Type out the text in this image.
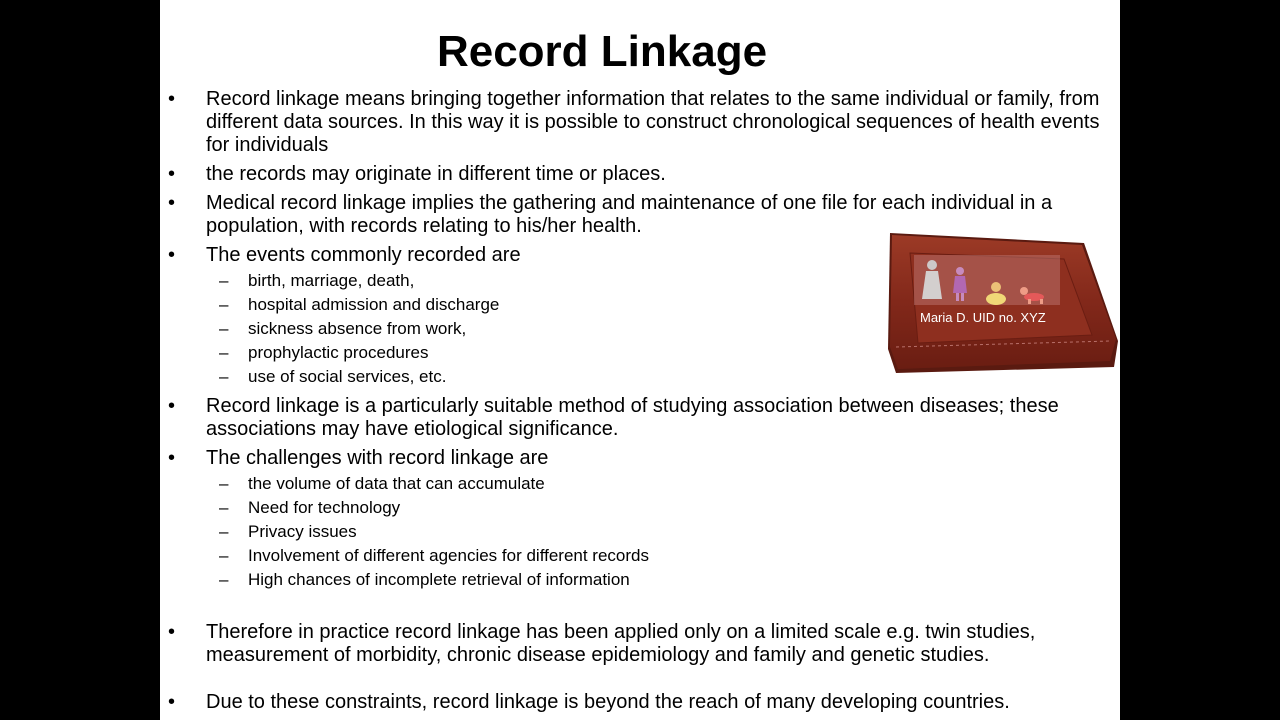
Record Linkage
• Record linkage means bringing together information that relates to the same individual or family, from different data sources. In this way it is possible to construct chronological sequences of health events for individuals
• the records may originate in different time or places.
• Medical record linkage implies the gathering and maintenance of one file for each individual in a population, with records relating to his/her health.
• The events commonly recorded are
– birth, marriage, death,
– hospital admission and discharge
– sickness absence from work,
– prophylactic procedures
– use of social services, etc.
• Record linkage is a particularly suitable method of studying association between diseases; these associations may have etiological significance.
• The challenges with record linkage are
– the volume of data that can accumulate
– Need for technology
– Privacy issues
– Involvement of different agencies for different records
– High chances of incomplete retrieval of information
• Therefore in practice record linkage has been applied only on a limited scale e.g. twin studies, measurement of morbidity, chronic disease epidemiology and family and genetic studies.
• Due to these constraints, record linkage is beyond the reach of many developing countries.
Maria D. UID no. XYZ
